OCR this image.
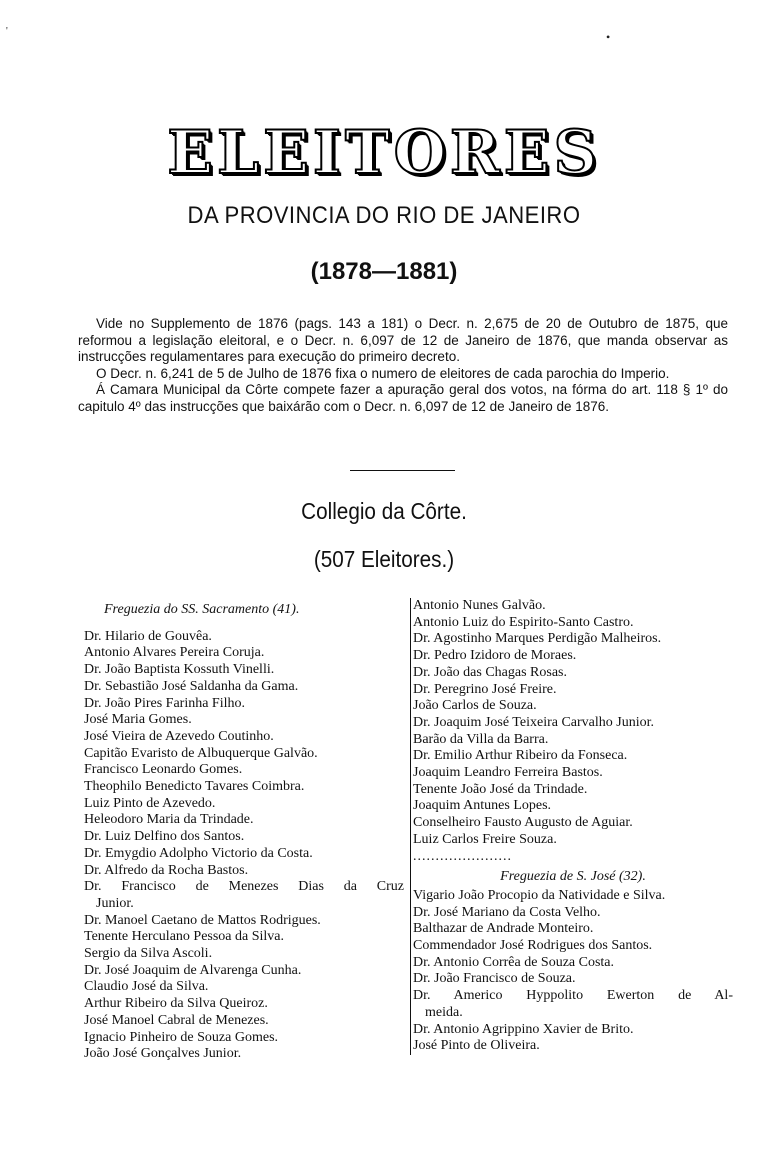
'	•
ELEITORES
DA PROVINCIA DO RIO DE JANEIRO
(1878—1881)

Vide no Supplemento de 1876 (pags. 143 a 181) o Decr. n. 2,675 de 20 de Outubro de 1875, que reformou a legislação eleitoral, e o Decr. n. 6,097 de 12 de Janeiro de 1876, que manda observar as instrucções regulamentares para execução do primeiro decreto.

O Decr. n. 6,241 de 5 de Julho de 1876 fixa o numero de eleitores de cada parochia do Imperio.

Á Camara Municipal da Côrte compete fazer a apuração geral dos votos, na fórma do art. 118 § 1º do capitulo 4º das instrucções que baixárão com o Decr. n. 6,097 de 12 de Janeiro de 1876.

Collegio da Côrte.
(507 Eleitores.)
Freguezia do SS. Sacramento (41).
Dr. Hilario de Gouvêa.
Antonio Alvares Pereira Coruja.
Dr. João Baptista Kossuth Vinelli.
Dr. Sebastião José Saldanha da Gama.
Dr. João Pires Farinha Filho.
José Maria Gomes.
José Vieira de Azevedo Coutinho.
Capitão Evaristo de Albuquerque Galvão.
Francisco Leonardo Gomes.
Theophilo Benedicto Tavares Coimbra.
Luiz Pinto de Azevedo.
Heleodoro Maria da Trindade.
Dr. Luiz Delfino dos Santos.
Dr. Emygdio Adolpho Victorio da Costa.
Dr. Alfredo da Rocha Bastos.
Dr. Francisco de Menezes Dias da Cruz
Junior.
Dr. Manoel Caetano de Mattos Rodrigues.
Tenente Herculano Pessoa da Silva.
Sergio da Silva Ascoli.
Dr. José Joaquim de Alvarenga Cunha.
Claudio José da Silva.
Arthur Ribeiro da Silva Queiroz.
José Manoel Cabral de Menezes.
Ignacio Pinheiro de Souza Gomes.
João José Gonçalves Junior.
Antonio Nunes Galvão.
Antonio Luiz do Espirito-Santo Castro.
Dr. Agostinho Marques Perdigão Malheiros.
Dr. Pedro Izidoro de Moraes.
Dr. João das Chagas Rosas.
Dr. Peregrino José Freire.
João Carlos de Souza.
Dr. Joaquim José Teixeira Carvalho Junior.
Barão da Villa da Barra.
Dr. Emilio Arthur Ribeiro da Fonseca.
Joaquim Leandro Ferreira Bastos.
Tenente João José da Trindade.
Joaquim Antunes Lopes.
Conselheiro Fausto Augusto de Aguiar.
Luiz Carlos Freire Souza.
......................
Freguezia de S. José (32).
Vigario João Procopio da Natividade e Silva.
Dr. José Mariano da Costa Velho.
Balthazar de Andrade Monteiro.
Commendador José Rodrigues dos Santos.
Dr. Antonio Corrêa de Souza Costa.
Dr. João Francisco de Souza.
Dr. Americo Hyppolito Ewerton de Al-
meida.
Dr. Antonio Agrippino Xavier de Brito.
José Pinto de Oliveira.
